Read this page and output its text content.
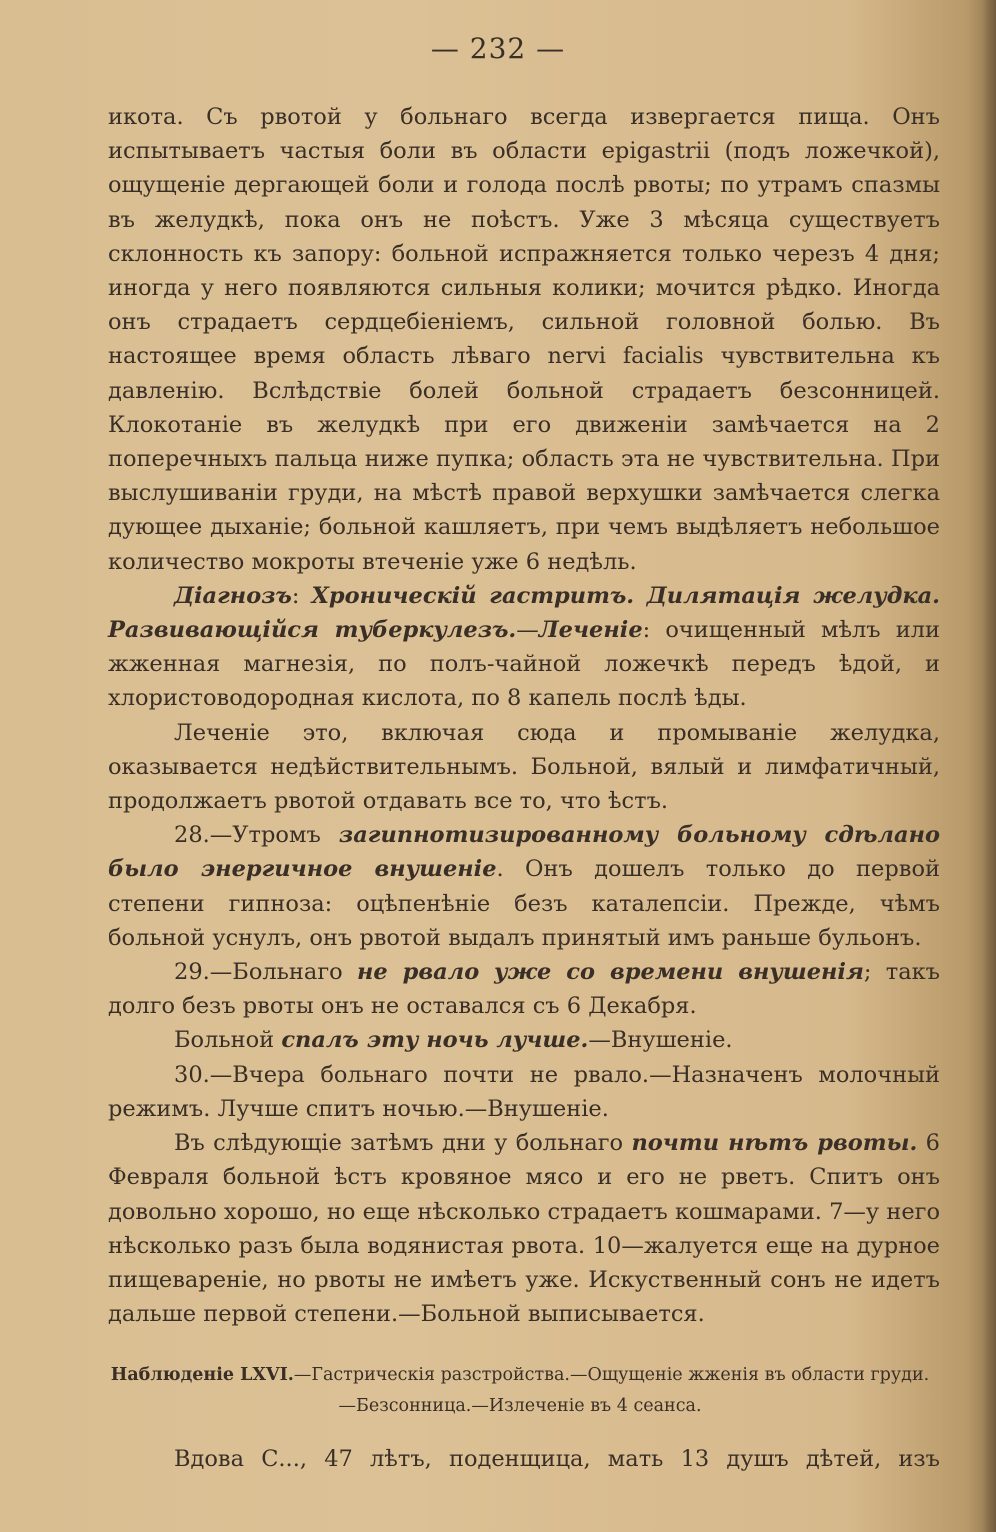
— 232 —

икота. Съ рвотой у больнаго всегда извергается пища. Онъ испытываетъ частыя боли въ области epigastrii (подъ ложечкой), ощущеніе дергающей боли и голода послѣ рвоты; по утрамъ спазмы въ желудкѣ, пока онъ не поѣстъ. Уже 3 мѣсяца существуетъ склонность къ запору: больной испражняется только черезъ 4 дня; иногда у него появляются сильныя колики; мочится рѣдко. Иногда онъ страдаетъ сердцебіеніемъ, сильной головной болью. Въ настоящее время область лѣваго nervi facialis чувствительна къ давленію. Вслѣдствіе болей больной страдаетъ безсонницей. Клокотаніе въ желудкѣ при его движеніи замѣчается на 2 поперечныхъ пальца ниже пупка; область эта не чувствительна. При выслушиваніи груди, на мѣстѣ правой верхушки замѣчается слегка дующее дыханіе; больной кашляетъ, при чемъ выдѣляетъ небольшое количество мокроты втеченіе уже 6 недѣль.

Діагнозъ: Хроническій гастритъ. Дилятація желудка. Развивающійся туберкулезъ.—Леченіе: очищенный мѣлъ или жженная магнезія, по полъ-чайной ложечкѣ передъ ѣдой, и хлористоводородная кислота, по 8 капель послѣ ѣды.

Леченіе это, включая сюда и промываніе желудка, оказывается недѣйствительнымъ. Больной, вялый и лимфатичный, продолжаетъ рвотой отдавать все то, что ѣстъ.

28.—Утромъ загипнотизированному больному сдѣлано было энергичное внушеніе. Онъ дошелъ только до первой степени гипноза: оцѣпенѣніе безъ каталепсіи. Прежде, чѣмъ больной уснулъ, онъ рвотой выдалъ принятый имъ раньше бульонъ.

29.—Больнаго не рвало уже со времени внушенія; такъ долго безъ рвоты онъ не оставался съ 6 Декабря.

Больной спалъ эту ночь лучше.—Внушеніе.

30.—Вчера больнаго почти не рвало.—Назначенъ молочный режимъ. Лучше спитъ ночью.—Внушеніе.

Въ слѣдующіе затѣмъ дни у больнаго почти нѣтъ рвоты. 6 Февраля больной ѣстъ кровяное мясо и его не рветъ. Спитъ онъ довольно хорошо, но еще нѣсколько страдаетъ кошмарами. 7—у него нѣсколько разъ была водянистая рвота. 10—жалуется еще на дурное пищевареніе, но рвоты не имѣетъ уже. Искуственный сонъ не идетъ дальше первой степени.—Больной выписывается.

Наблюденіе LXVI.—Гастрическія разстройства.—Ощущеніе жженія въ области груди.—Безсонница.—Излеченіе въ 4 сеанса.
Вдова С..., 47 лѣтъ, поденщица, мать 13 душъ дѣтей, изъ
